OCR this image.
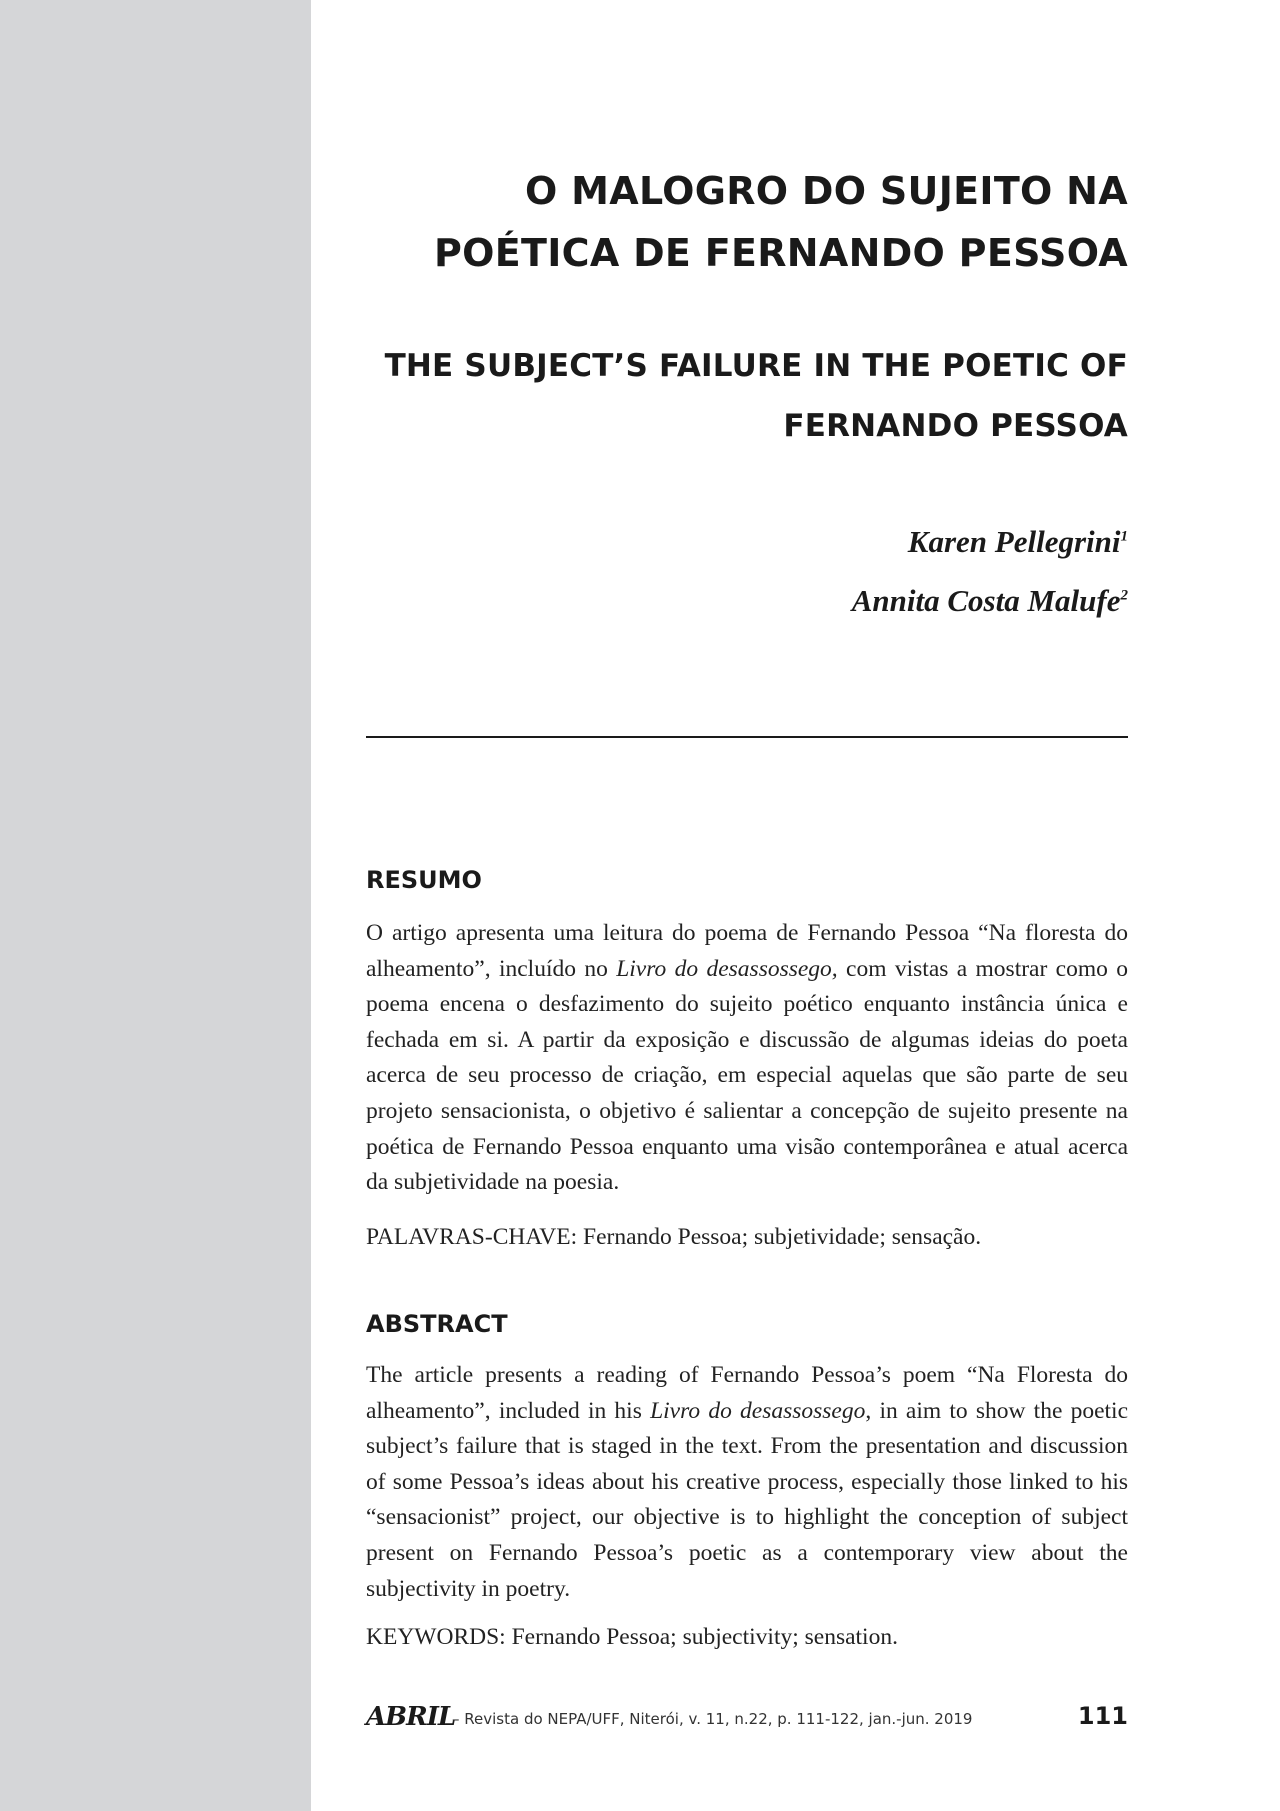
O MALOGRO DO SUJEITO NA
POÉTICA DE FERNANDO PESSOA
THE SUBJECT’S FAILURE IN THE POETIC OF
FERNANDO PESSOA
Karen Pellegrini$^1$
Annita Costa Malufe$^2$
RESUMO

O artigo apresenta uma leitura do poema de Fernando Pessoa “Na floresta do alheamento”, incluído no Livro do desassossego, com vistas a mostrar como o poema encena o desfazimento do sujeito poético enquanto instância única e fechada em si. A partir da exposição e discussão de algumas ideias do poeta acerca de seu processo de criação, em especial aquelas que são parte de seu projeto sensacionista, o objetivo é salientar a concepção de sujeito presente na poética de Fernando Pessoa enquanto uma visão contemporânea e atual acerca da subjetividade na poesia.

PALAVRAS-CHAVE: Fernando Pessoa; subjetividade; sensação.

ABSTRACT

The article presents a reading of Fernando Pessoa’s poem “Na Floresta do alheamento”, included in his Livro do desassossego, in aim to show the poetic subject’s failure that is staged in the text. From the presentation and discussion of some Pessoa’s ideas about his creative process, especially those linked to his “sensacionist” project, our objective is to highlight the conception of subject present on Fernando Pessoa’s poetic as a contemporary view about the subjectivity in poetry.

KEYWORDS: Fernando Pessoa; subjectivity; sensation.

ABRIL
– Revista do NEPA/UFF, Niterói, v. 11, n.22, p. 111-122, jan.-jun. 2019	111
